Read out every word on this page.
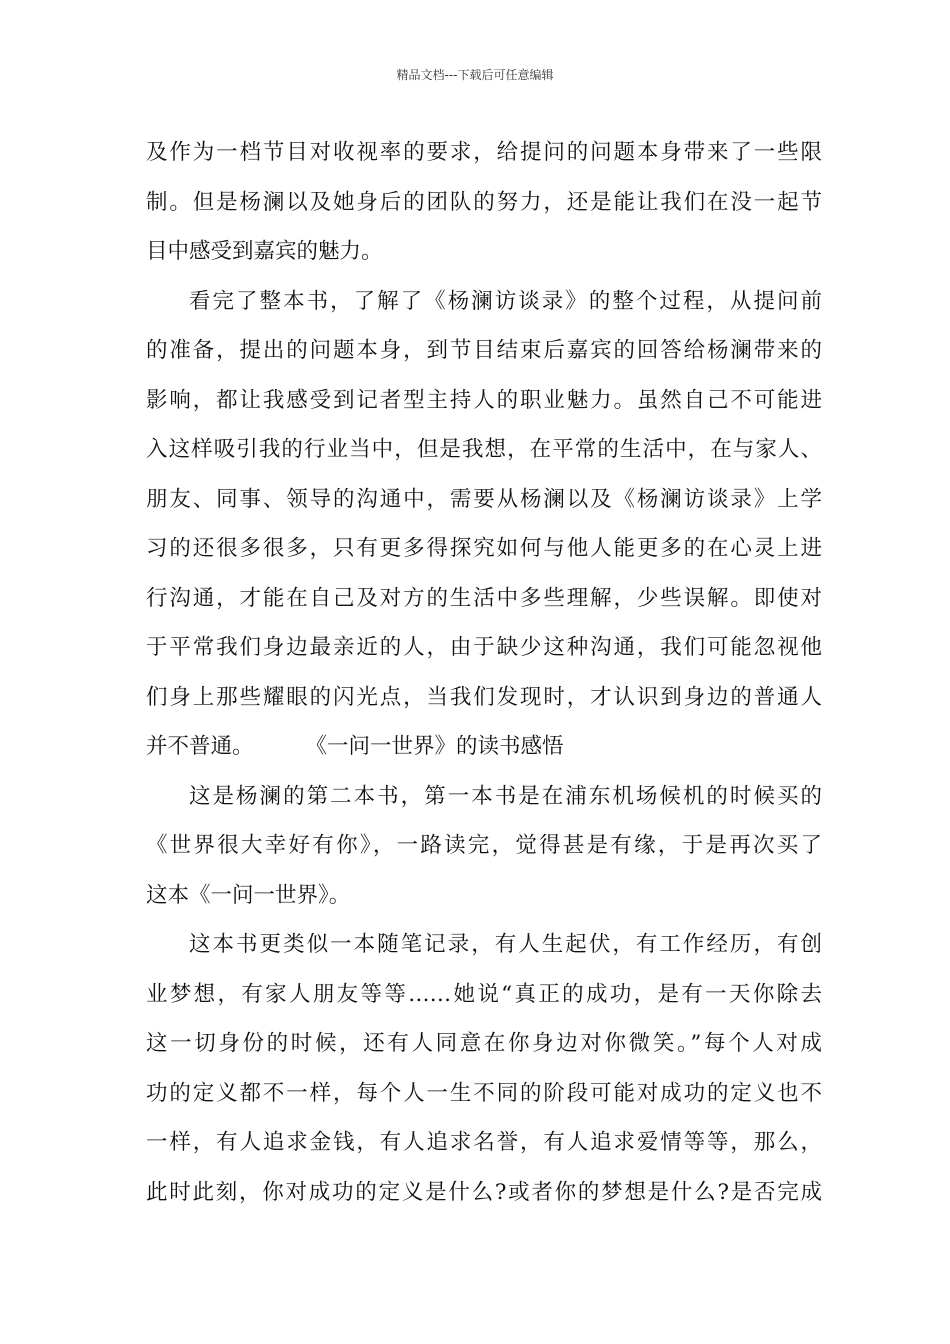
精品文档---下载后可任意编辑
及作为一档节目对收视率的要求，给提问的问题本身带来了一些限
制。但是杨澜以及她身后的团队的努力，还是能让我们在没一起节
目中感受到嘉宾的魅力。
看完了整本书，了解了《杨澜访谈录》的整个过程，从提问前
的准备，提出的问题本身，到节目结束后嘉宾的回答给杨澜带来的
影响，都让我感受到记者型主持人的职业魅力。虽然自己不可能进
入这样吸引我的行业当中，但是我想，在平常的生活中，在与家人、
朋友、同事、领导的沟通中，需要从杨澜以及《杨澜访谈录》上学
习的还很多很多，只有更多得探究如何与他人能更多的在心灵上进
行沟通，才能在自己及对方的生活中多些理解，少些误解。即使对
于平常我们身边最亲近的人，由于缺少这种沟通，我们可能忽视他
们身上那些耀眼的闪光点，当我们发现时，才认识到身边的普通人
并不普通。 《一问一世界》的读书感悟
这是杨澜的第二本书，第一本书是在浦东机场候机的时候买的
《世界很大幸好有你》，一路读完，觉得甚是有缘，于是再次买了
这本《一问一世界》。
这本书更类似一本随笔记录，有人生起伏，有工作经历，有创
业梦想，有家人朋友等等……她说“真正的成功，是有一天你除去
这一切身份的时候，还有人同意在你身边对你微笑。”每个人对成
功的定义都不一样，每个人一生不同的阶段可能对成功的定义也不
一样，有人追求金钱，有人追求名誉，有人追求爱情等等，那么，
此时此刻，你对成功的定义是什么?或者你的梦想是什么?是否完成
